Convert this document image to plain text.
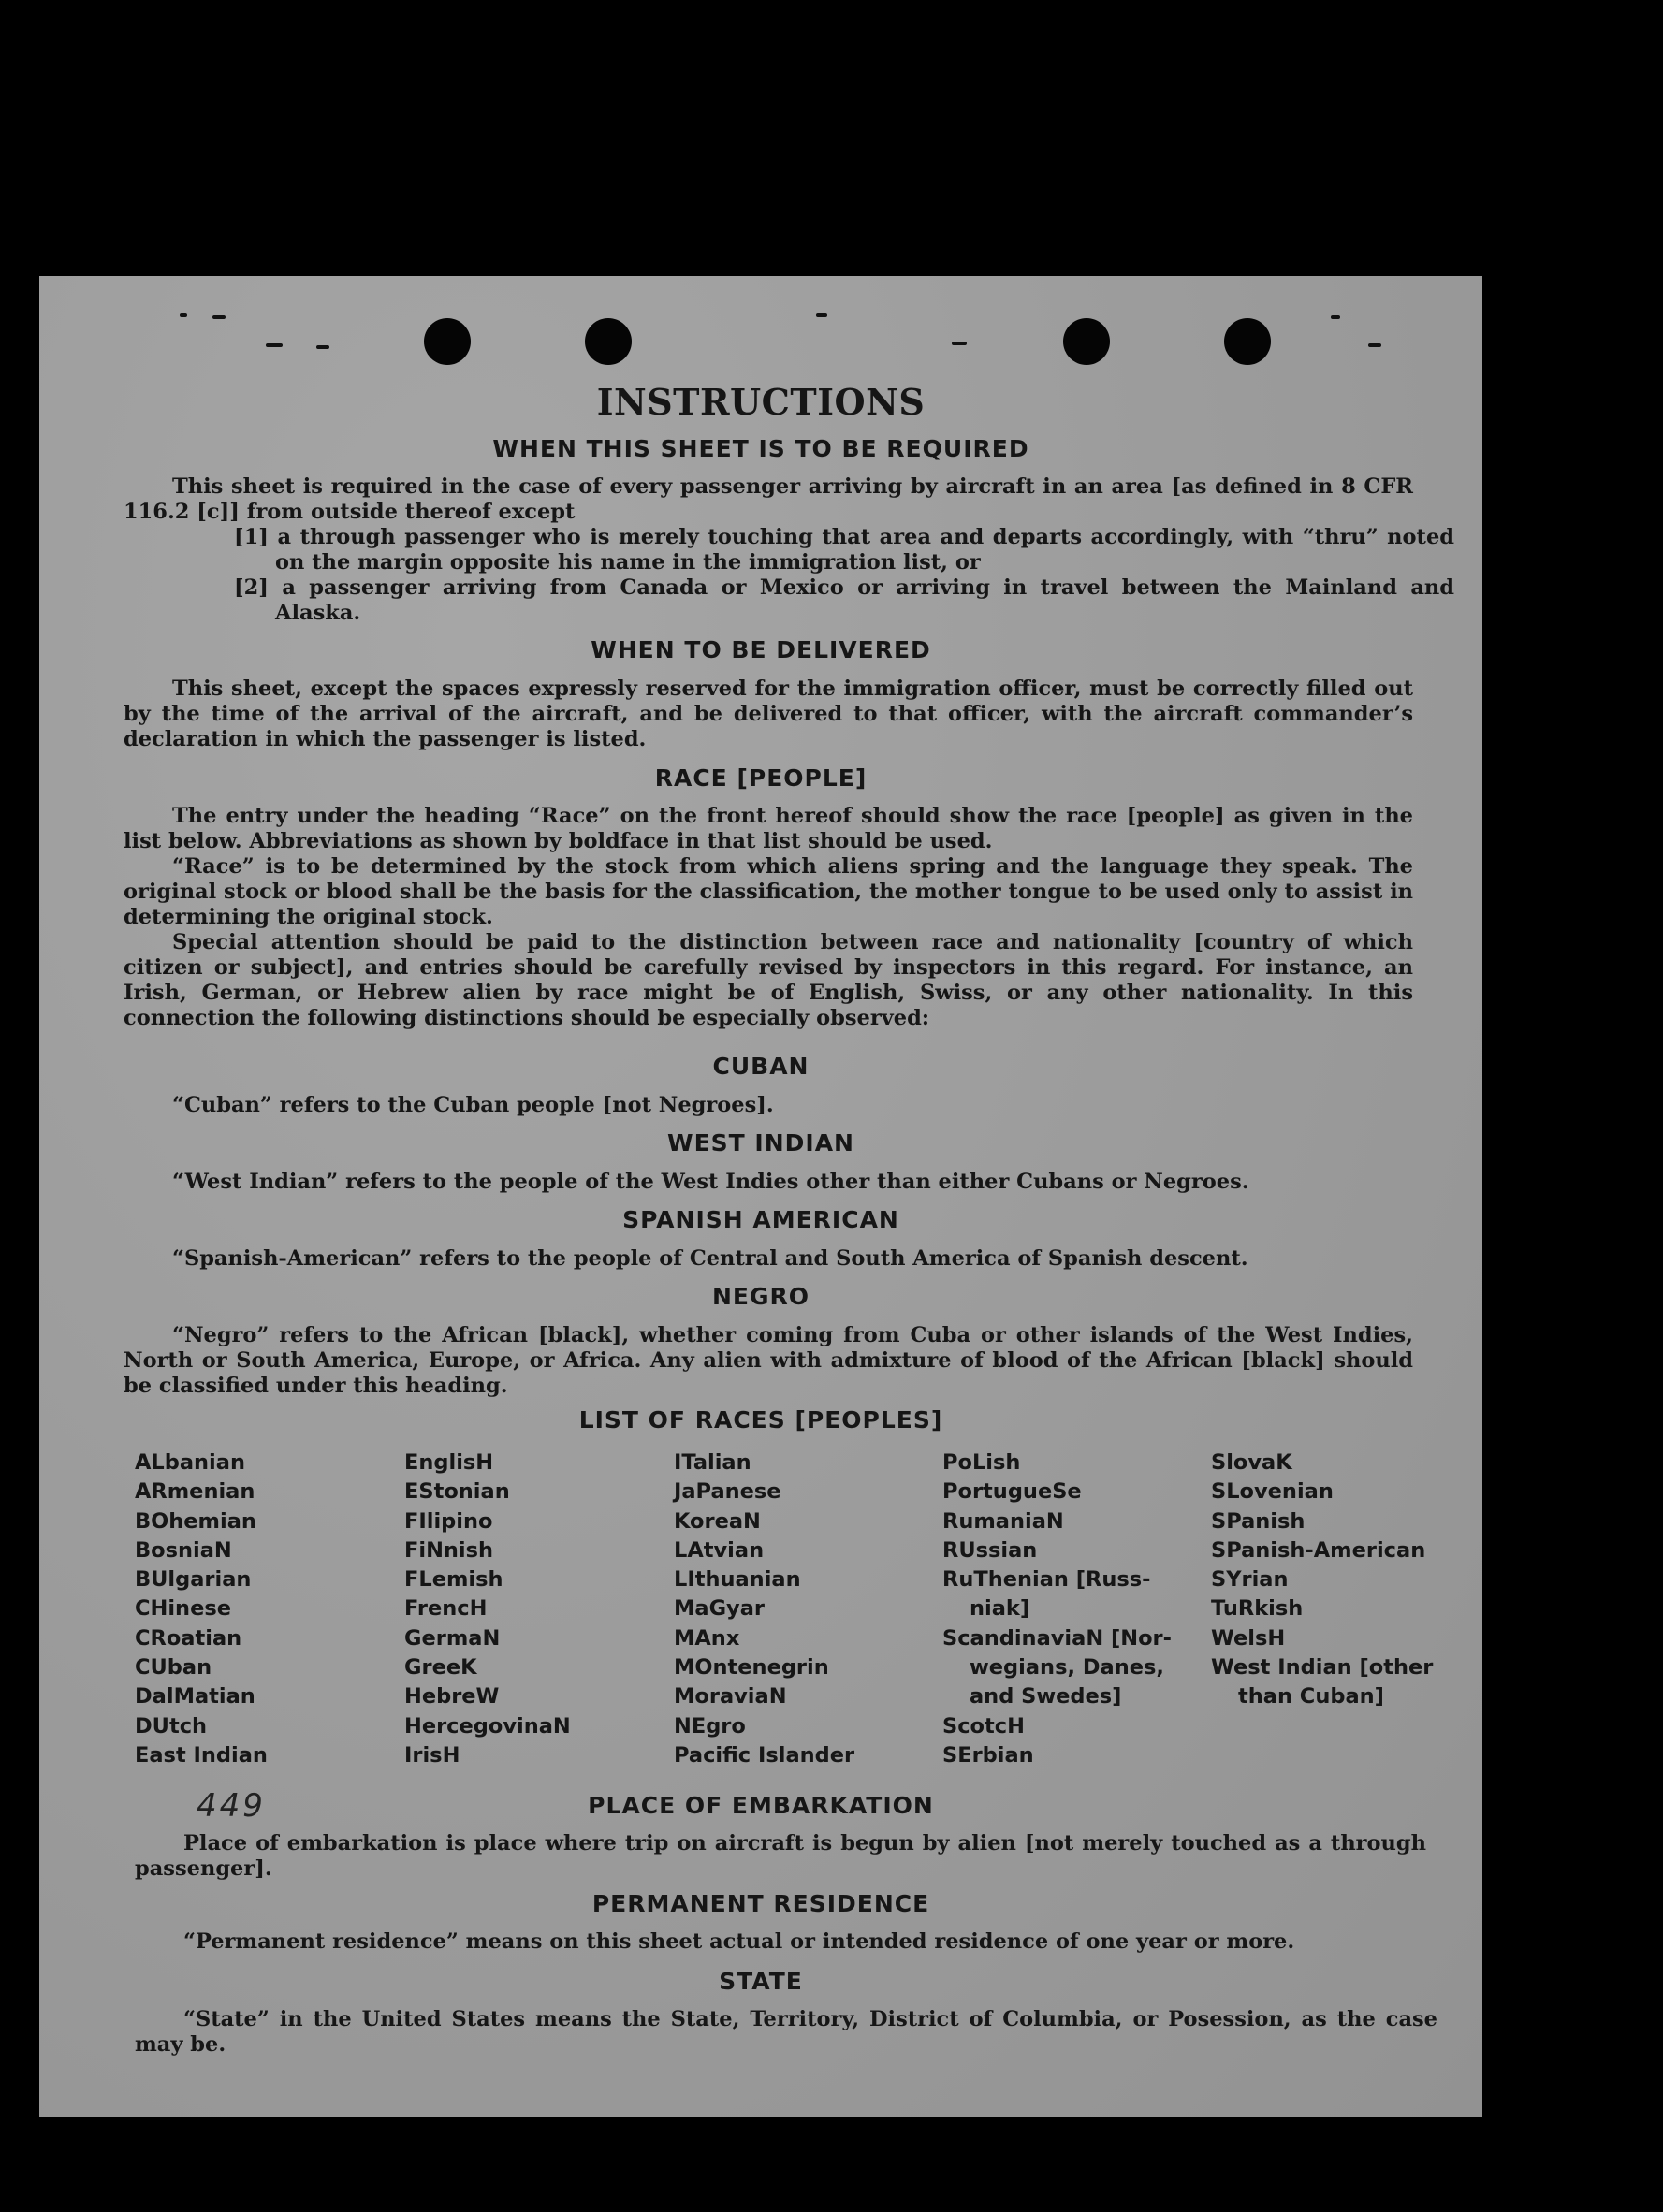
INSTRUCTIONS
WHEN THIS SHEET IS TO BE REQUIRED

This sheet is required in the case of every passenger arriving by aircraft in an area [as defined in 8 CFR 116.2 [c]] from outside thereof except

[1] a through passenger who is merely touching that area and departs accordingly, with “thru” noted on the margin opposite his name in the immigration list, or

[2] a passenger arriving from Canada or Mexico or arriving in travel between the Mainland and Alaska.

WHEN TO BE DELIVERED

This sheet, except the spaces expressly reserved for the immigration officer, must be correctly filled out by the time of the arrival of the aircraft, and be delivered to that officer, with the aircraft commander’s declaration in which the passenger is listed.

RACE [PEOPLE]

The entry under the heading “Race” on the front hereof should show the race [people] as given in the list below. Abbreviations as shown by boldface in that list should be used.

“Race” is to be determined by the stock from which aliens spring and the language they speak. The original stock or blood shall be the basis for the classification, the mother tongue to be used only to assist in determining the original stock.

Special attention should be paid to the distinction between race and nationality [country of which citizen or subject], and entries should be carefully revised by inspectors in this regard. For instance, an Irish, German, or Hebrew alien by race might be of English, Swiss, or any other nationality. In this connection the following distinctions should be especially observed:

CUBAN

“Cuban” refers to the Cuban people [not Negroes].

WEST INDIAN

“West Indian” refers to the people of the West Indies other than either Cubans or Negroes.

SPANISH AMERICAN

“Spanish-American” refers to the people of Central and South America of Spanish descent.

NEGRO

“Negro” refers to the African [black], whether coming from Cuba or other islands of the West Indies, North or South America, Europe, or Africa. Any alien with admixture of blood of the African [black] should be classified under this heading.

LIST OF RACES [PEOPLES]
ALbanian
ARmenian
BOhemian
BosniaN
BUlgarian
CHinese
CRoatian
CUban
DalMatian
DUtch
East Indian
EnglisH
EStonian
FIlipino
FiNnish
FLemish
FrencH
GermaN
GreeK
HebreW
HercegovinaN
IrisH
ITalian
JaPanese
KoreaN
LAtvian
LIthuanian
MaGyar
MAnx
MOntenegrin
MoraviaN
NEgro
Pacific Islander
PoLish
PortugueSe
RumaniaN
RUssian
RuThenian [Russ-
niak]
ScandinaviaN [Nor-
wegians, Danes,
and Swedes]
ScotcH
SErbian
SlovaK
SLovenian
SPanish
SPanish-American
SYrian
TuRkish
WelsH
West Indian [other
than Cuban]
449	PLACE OF EMBARKATION

Place of embarkation is place where trip on aircraft is begun by alien [not merely touched as a through passenger].

PERMANENT RESIDENCE

“Permanent residence” means on this sheet actual or intended residence of one year or more.

STATE

“State” in the United States means the State, Territory, District of Columbia, or Posession, as the case may be.
